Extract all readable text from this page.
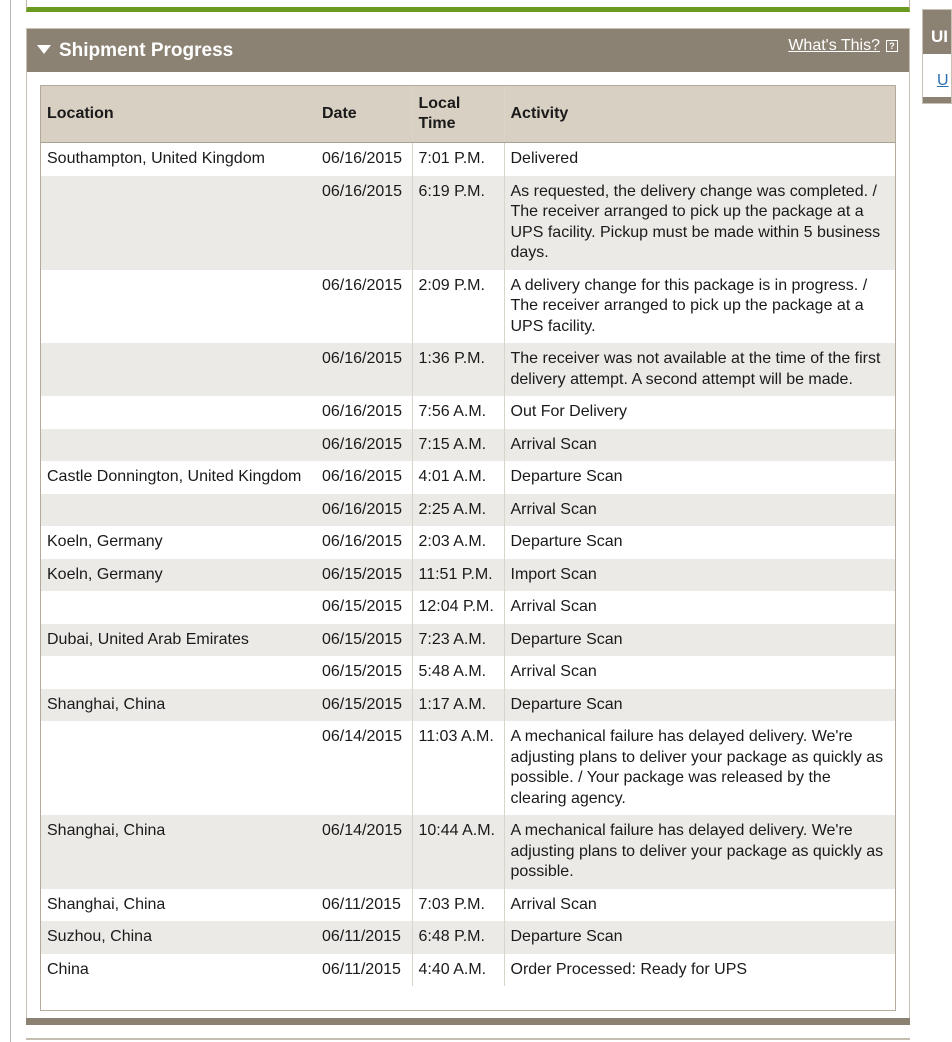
Shipment Progress	What's This?	?
Location	Date	Local Time	Activity
Southampton, United Kingdom	06/16/2015	7:01 P.M.	Delivered
	06/16/2015	6:19 P.M.	As requested, the delivery change was completed. / The receiver arranged to pick up the package at a UPS facility. Pickup must be made within 5 business days.
	06/16/2015	2:09 P.M.	A delivery change for this package is in progress. / The receiver arranged to pick up the package at a UPS facility.
	06/16/2015	1:36 P.M.	The receiver was not available at the time of the first delivery attempt. A second attempt will be made.
	06/16/2015	7:56 A.M.	Out For Delivery
	06/16/2015	7:15 A.M.	Arrival Scan
Castle Donnington, United Kingdom	06/16/2015	4:01 A.M.	Departure Scan
	06/16/2015	2:25 A.M.	Arrival Scan
Koeln, Germany	06/16/2015	2:03 A.M.	Departure Scan
Koeln, Germany	06/15/2015	11:51 P.M.	Import Scan
	06/15/2015	12:04 P.M.	Arrival Scan
Dubai, United Arab Emirates	06/15/2015	7:23 A.M.	Departure Scan
	06/15/2015	5:48 A.M.	Arrival Scan
Shanghai, China	06/15/2015	1:17 A.M.	Departure Scan
	06/14/2015	11:03 A.M.	A mechanical failure has delayed delivery. We're adjusting plans to deliver your package as quickly as possible. / Your package was released by the clearing agency.
Shanghai, China	06/14/2015	10:44 A.M.	A mechanical failure has delayed delivery. We're adjusting plans to deliver your package as quickly as possible.
Shanghai, China	06/11/2015	7:03 P.M.	Arrival Scan
Suzhou, China	06/11/2015	6:48 P.M.	Departure Scan
China	06/11/2015	4:40 A.M.	Order Processed: Ready for UPS
UI
U
